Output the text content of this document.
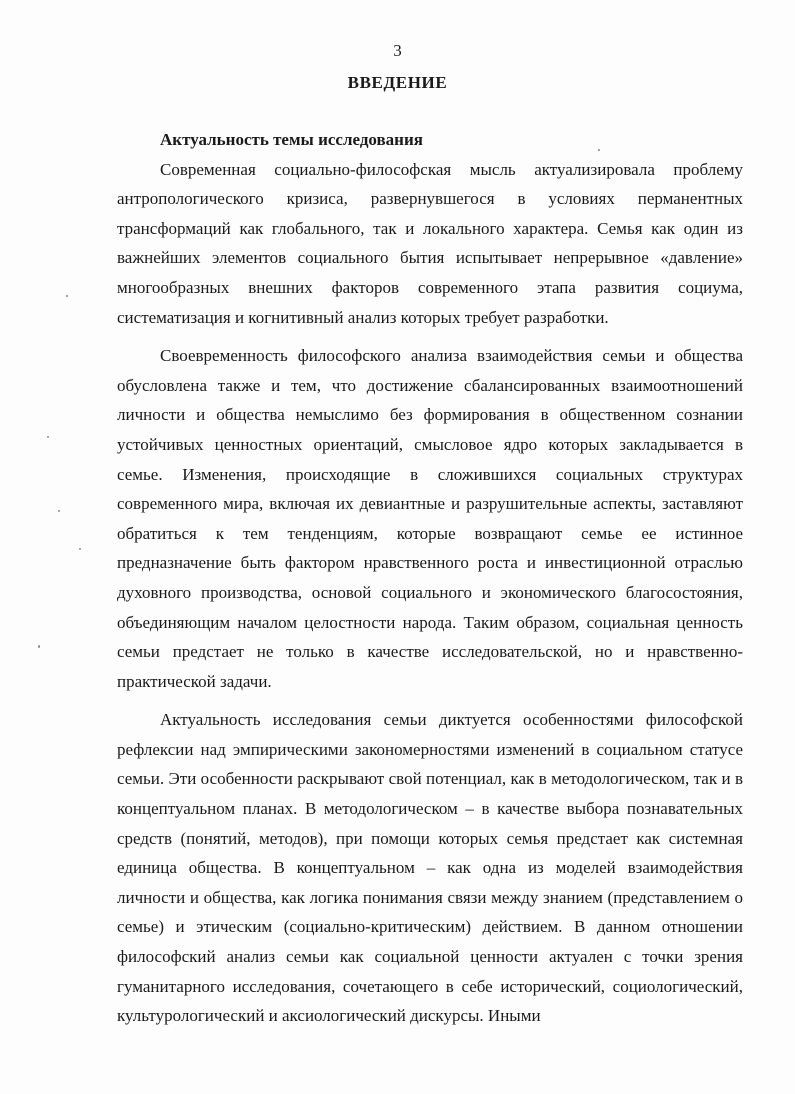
3
ВВЕДЕНИЕ

Актуальность темы исследования

Современная социально-философская мысль актуализировала проблему антропологического кризиса, развернувшегося в условиях перманентных трансформаций как глобального, так и локального характера. Семья как один из важнейших элементов социального бытия испытывает непрерывное «давление» многообразных внешних факторов современного этапа развития социума, систематизация и когнитивный анализ которых требует разработки.

Своевременность философского анализа взаимодействия семьи и общества обусловлена также и тем, что достижение сбалансированных взаимоотношений личности и общества немыслимо без формирования в общественном сознании устойчивых ценностных ориентаций, смысловое ядро которых закладывается в семье. Изменения, происходящие в сложившихся социальных структурах современного мира, включая их девиантные и разрушительные аспекты, заставляют обратиться к тем тенденциям, которые возвращают семье ее истинное предназначение быть фактором нравственного роста и инвестиционной отраслью духовного производства, основой социального и экономического благосостояния, объединяющим началом целостности народа. Таким образом, социальная ценность семьи предстает не только в качестве исследовательской, но и нравственно-практической задачи.

Актуальность исследования семьи диктуется особенностями философской рефлексии над эмпирическими закономерностями изменений в социальном статусе семьи. Эти особенности раскрывают свой потенциал, как в методологическом, так и в концептуальном планах. В методологическом – в качестве выбора познавательных средств (понятий, методов), при помощи которых семья предстает как системная единица общества. В концептуальном – как одна из моделей взаимодействия личности и общества, как логика понимания связи между знанием (представлением о семье) и этическим (социально-критическим) действием. В данном отношении философский анализ семьи как социальной ценности актуален с точки зрения гуманитарного исследования, сочетающего в себе исторический, социологический, культурологический и аксиологический дискурсы. Иными
